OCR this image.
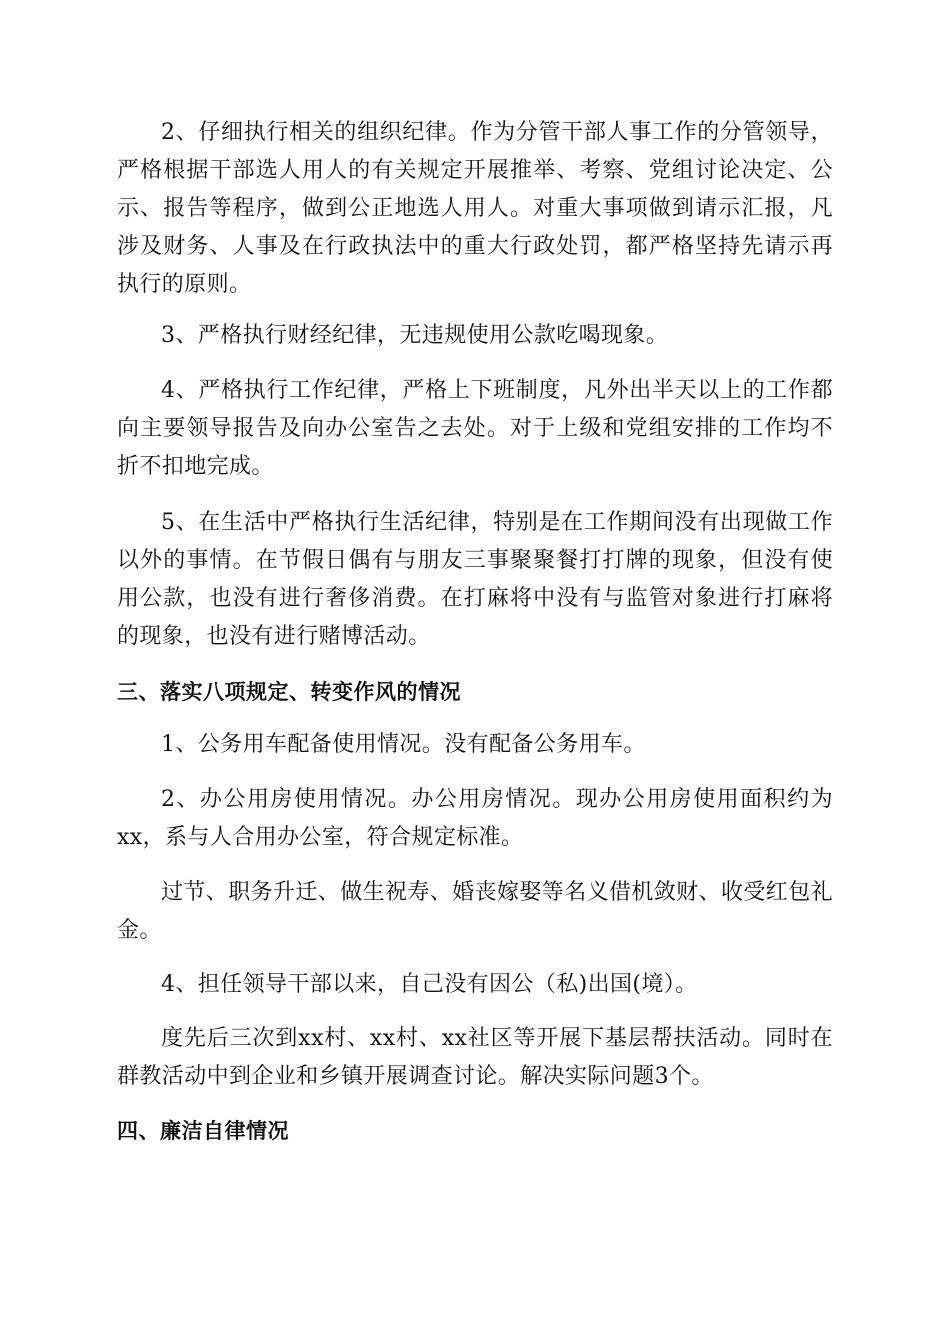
2、仔细执行相关的组织纪律。作为分管干部人事工作的分管领导，严格根据干部选人用人的有关规定开展推举、考察、党组讨论决定、公示、报告等程序，做到公正地选人用人。对重大事项做到请示汇报，凡涉及财务、人事及在行政执法中的重大行政处罚，都严格坚持先请示再执行的原则。

3、严格执行财经纪律，无违规使用公款吃喝现象。

4、严格执行工作纪律，严格上下班制度，凡外出半天以上的工作都向主要领导报告及向办公室告之去处。对于上级和党组安排的工作均不折不扣地完成。

5、在生活中严格执行生活纪律，特别是在工作期间没有出现做工作以外的事情。在节假日偶有与朋友三事聚聚餐打打牌的现象，但没有使用公款，也没有进行奢侈消费。在打麻将中没有与监管对象进行打麻将的现象，也没有进行赌博活动。

三、落实八项规定、转变作风的情况

1、公务用车配备使用情况。没有配备公务用车。

2、办公用房使用情况。办公用房情况。现办公用房使用面积约为xx，系与人合用办公室，符合规定标准。

过节、职务升迁、做生祝寿、婚丧嫁娶等名义借机敛财、收受红包礼金。

4、担任领导干部以来，自己没有因公（私)出国(境）。

度先后三次到xx村、xx村、xx社区等开展下基层帮扶活动。同时在群教活动中到企业和乡镇开展调查讨论。解决实际问题3个。

四、廉洁自律情况
